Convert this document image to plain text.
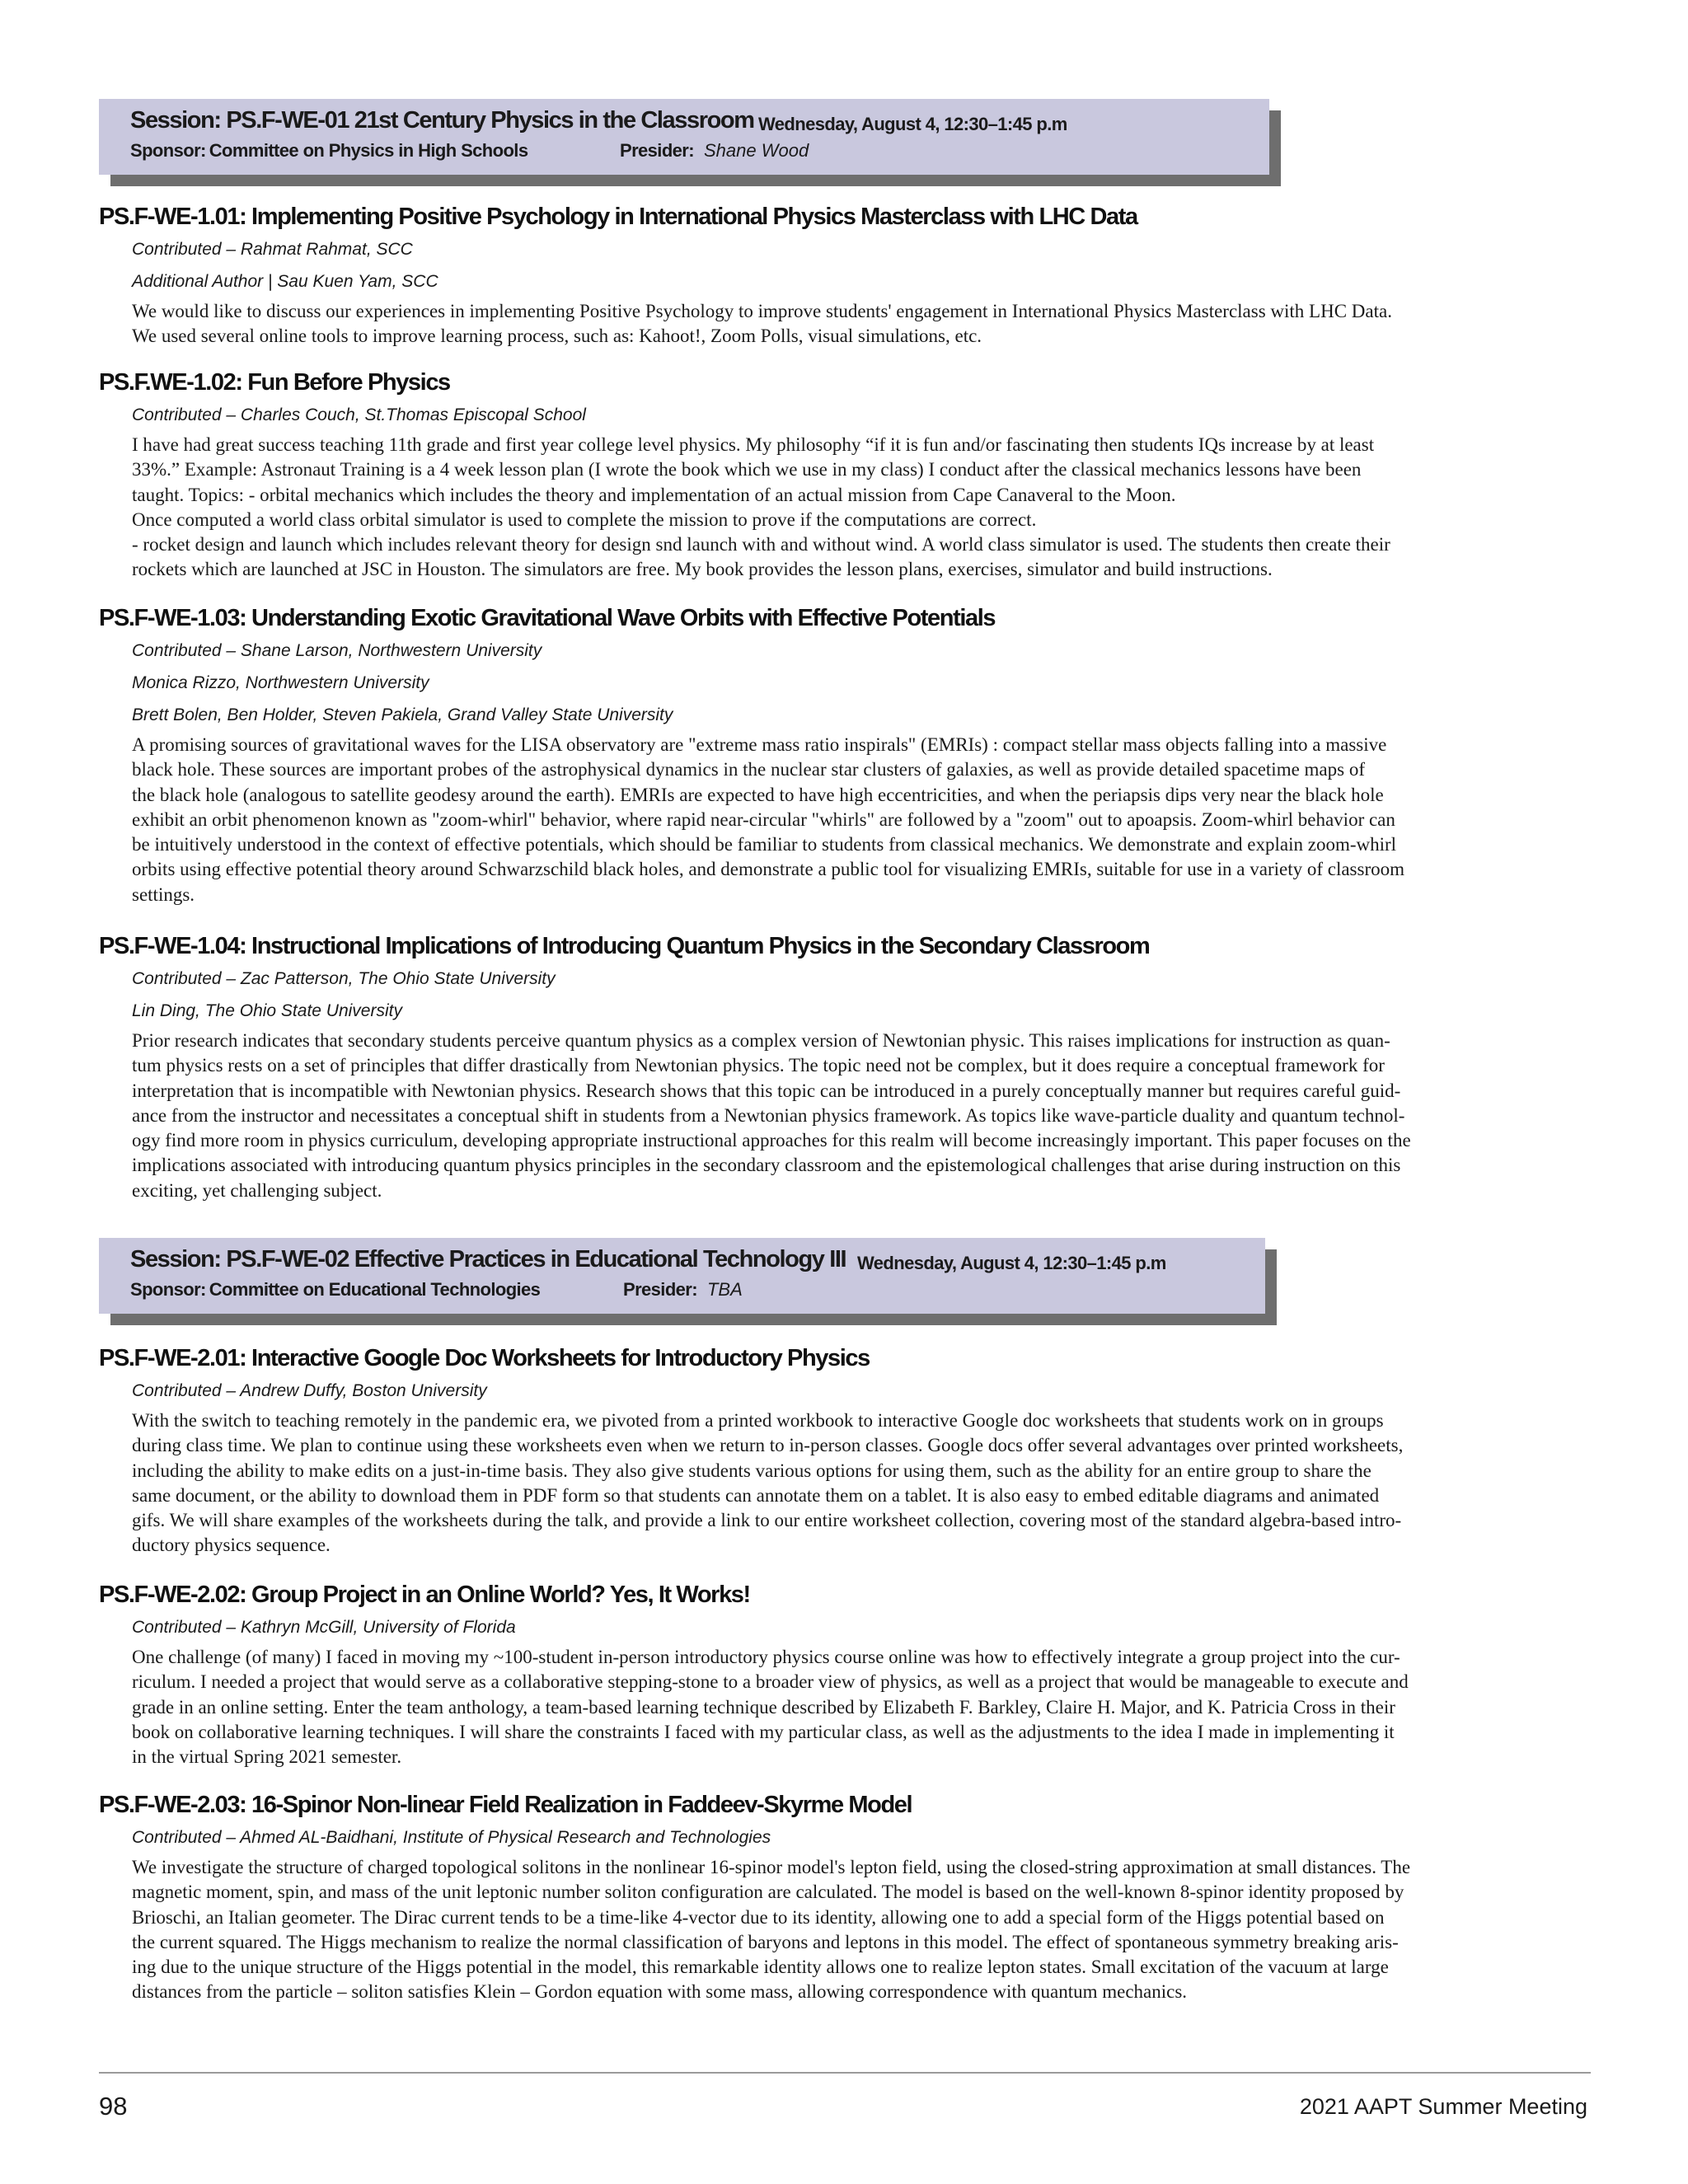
Session: PS.F-WE-01 21st Century Physics in the Classroom Wednesday, August 4, 12:30–1:45 p.m
Sponsor: Committee on Physics in High Schools	Presider: Shane Wood
PS.F-WE-1.01: Implementing Positive Psychology in International Physics Masterclass with LHC Data

Contributed – Rahmat Rahmat, SCC

Additional Author | Sau Kuen Yam, SCC

We would like to discuss our experiences in implementing Positive Psychology to improve students' engagement in International Physics Masterclass with LHC Data.

We used several online tools to improve learning process, such as: Kahoot!, Zoom Polls, visual simulations, etc.

PS.F.WE-1.02: Fun Before Physics

Contributed – Charles Couch, St.Thomas Episcopal School

I have had great success teaching 11th grade and first year college level physics. My philosophy “if it is fun and/or fascinating then students IQs increase by at least

33%.” Example: Astronaut Training is a 4 week lesson plan (I wrote the book which we use in my class) I conduct after the classical mechanics lessons have been

taught. Topics: - orbital mechanics which includes the theory and implementation of an actual mission from Cape Canaveral to the Moon.

Once computed a world class orbital simulator is used to complete the mission to prove if the computations are correct.

- rocket design and launch which includes relevant theory for design snd launch with and without wind. A world class simulator is used. The students then create their

rockets which are launched at JSC in Houston. The simulators are free. My book provides the lesson plans, exercises, simulator and build instructions.

PS.F-WE-1.03: Understanding Exotic Gravitational Wave Orbits with Effective Potentials

Contributed – Shane Larson, Northwestern University

Monica Rizzo, Northwestern University

Brett Bolen, Ben Holder, Steven Pakiela, Grand Valley State University

A promising sources of gravitational waves for the LISA observatory are "extreme mass ratio inspirals" (EMRIs) : compact stellar mass objects falling into a massive

black hole. These sources are important probes of the astrophysical dynamics in the nuclear star clusters of galaxies, as well as provide detailed spacetime maps of

the black hole (analogous to satellite geodesy around the earth). EMRIs are expected to have high eccentricities, and when the periapsis dips very near the black hole

exhibit an orbit phenomenon known as "zoom-whirl" behavior, where rapid near-circular "whirls" are followed by a "zoom" out to apoapsis. Zoom-whirl behavior can

be intuitively understood in the context of effective potentials, which should be familiar to students from classical mechanics. We demonstrate and explain zoom-whirl

orbits using effective potential theory around Schwarzschild black holes, and demonstrate a public tool for visualizing EMRIs, suitable for use in a variety of classroom

settings.

PS.F-WE-1.04: Instructional Implications of Introducing Quantum Physics in the Secondary Classroom

Contributed – Zac Patterson, The Ohio State University

Lin Ding, The Ohio State University

Prior research indicates that secondary students perceive quantum physics as a complex version of Newtonian physic. This raises implications for instruction as quan-

tum physics rests on a set of principles that differ drastically from Newtonian physics. The topic need not be complex, but it does require a conceptual framework for

interpretation that is incompatible with Newtonian physics. Research shows that this topic can be introduced in a purely conceptually manner but requires careful guid-

ance from the instructor and necessitates a conceptual shift in students from a Newtonian physics framework. As topics like wave-particle duality and quantum technol-

ogy find more room in physics curriculum, developing appropriate instructional approaches for this realm will become increasingly important. This paper focuses on the

implications associated with introducing quantum physics principles in the secondary classroom and the epistemological challenges that arise during instruction on this

exciting, yet challenging subject.

Session: PS.F-WE-02 Effective Practices in Educational Technology III Wednesday, August 4, 12:30–1:45 p.m
Sponsor: Committee on Educational Technologies	Presider: TBA
PS.F-WE-2.01: Interactive Google Doc Worksheets for Introductory Physics

Contributed – Andrew Duffy, Boston University

With the switch to teaching remotely in the pandemic era, we pivoted from a printed workbook to interactive Google doc worksheets that students work on in groups

during class time. We plan to continue using these worksheets even when we return to in-person classes. Google docs offer several advantages over printed worksheets,

including the ability to make edits on a just-in-time basis. They also give students various options for using them, such as the ability for an entire group to share the

same document, or the ability to download them in PDF form so that students can annotate them on a tablet. It is also easy to embed editable diagrams and animated

gifs. We will share examples of the worksheets during the talk, and provide a link to our entire worksheet collection, covering most of the standard algebra-based intro-

ductory physics sequence.

PS.F-WE-2.02: Group Project in an Online World? Yes, It Works!

Contributed – Kathryn McGill, University of Florida

One challenge (of many) I faced in moving my ~100-student in-person introductory physics course online was how to effectively integrate a group project into the cur-

riculum. I needed a project that would serve as a collaborative stepping-stone to a broader view of physics, as well as a project that would be manageable to execute and

grade in an online setting. Enter the team anthology, a team-based learning technique described by Elizabeth F. Barkley, Claire H. Major, and K. Patricia Cross in their

book on collaborative learning techniques. I will share the constraints I faced with my particular class, as well as the adjustments to the idea I made in implementing it

in the virtual Spring 2021 semester.

PS.F-WE-2.03: 16-Spinor Non-linear Field Realization in Faddeev-Skyrme Model

Contributed – Ahmed AL-Baidhani, Institute of Physical Research and Technologies

We investigate the structure of charged topological solitons in the nonlinear 16-spinor model's lepton field, using the closed-string approximation at small distances. The

magnetic moment, spin, and mass of the unit leptonic number soliton configuration are calculated. The model is based on the well-known 8-spinor identity proposed by

Brioschi, an Italian geometer. The Dirac current tends to be a time-like 4-vector due to its identity, allowing one to add a special form of the Higgs potential based on

the current squared. The Higgs mechanism to realize the normal classification of baryons and leptons in this model. The effect of spontaneous symmetry breaking aris-

ing due to the unique structure of the Higgs potential in the model, this remarkable identity allows one to realize lepton states. Small excitation of the vacuum at large

distances from the particle – soliton satisfies Klein – Gordon equation with some mass, allowing correspondence with quantum mechanics.

98	2021 AAPT Summer Meeting
